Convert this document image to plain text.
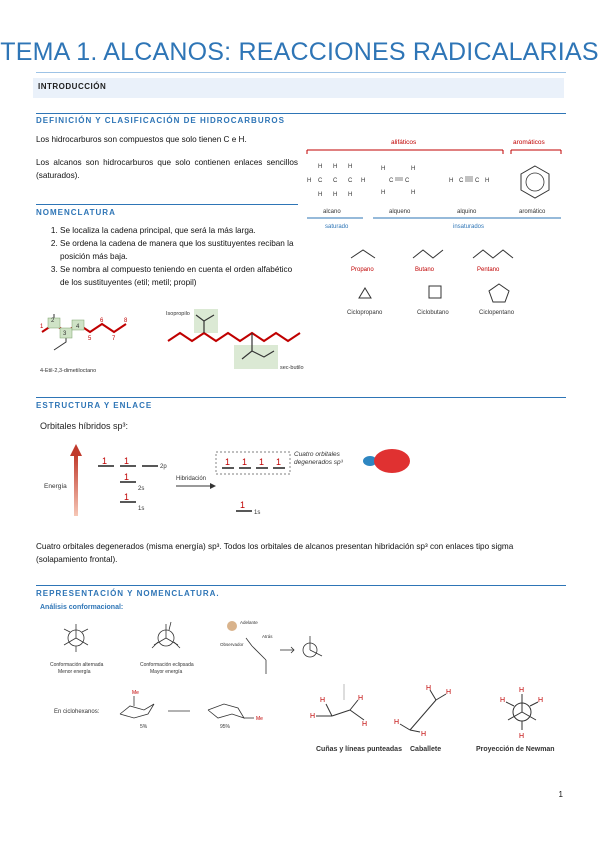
TEMA 1. ALCANOS: REACCIONES RADICALARIAS
INTRODUCCIÓN
DEFINICIÓN Y CLASIFICACIÓN DE HIDROCARBUROS
Los hidrocarburos son compuestos que solo tienen C e H.
Los alcanos son hidrocarburos que solo contienen enlaces sencillos (saturados).
NOMENCLATURA
1. Se localiza la cadena principal, que será la más larga.
2. Se ordena la cadena de manera que los sustituyentes reciban la posición más baja.
3. Se nombra al compuesto teniendo en cuenta el orden alfabético de los sustituyentes (etil; metil; propil)
1
2
3
4
5
6
7
8
4-Etil-2,3-dimetiloctano
Isopropilo
sec-butilo
alifáticos	aromáticos
H H H
H C C C H
H H H
H	H
C C
H	H
H C C H
alcano	alqueno	alquino	aromático
saturado	insaturados
Propano	Butano	Pentano
Ciclopropano	Ciclobutano	Ciclopentano
ESTRUCTURA Y ENLACE
Orbitales híbridos sp³:
Energía
1 1
2p
1
2s
1
1s
Hibridación
1 1 1 1
1
1s
Cuatro orbitales degenerados sp³
Cuatro orbitales degenerados (misma energía) sp³. Todos los orbitales de alcanos presentan hibridación sp³ con enlaces tipo sigma (solapamiento frontal).
REPRESENTACIÓN Y NOMENCLATURA.
Análisis conformacional:
Conformación alternada
Menor energía
Conformación eclipsada
Mayor energía
Adelante
Atrás
Observador
En ciclohexanos:
Me
Me
5%	95%
H
H
H
H	H
H
H
H	H
H	H
H
Cuñas y líneas punteadas Caballete	Proyección de Newman
1
